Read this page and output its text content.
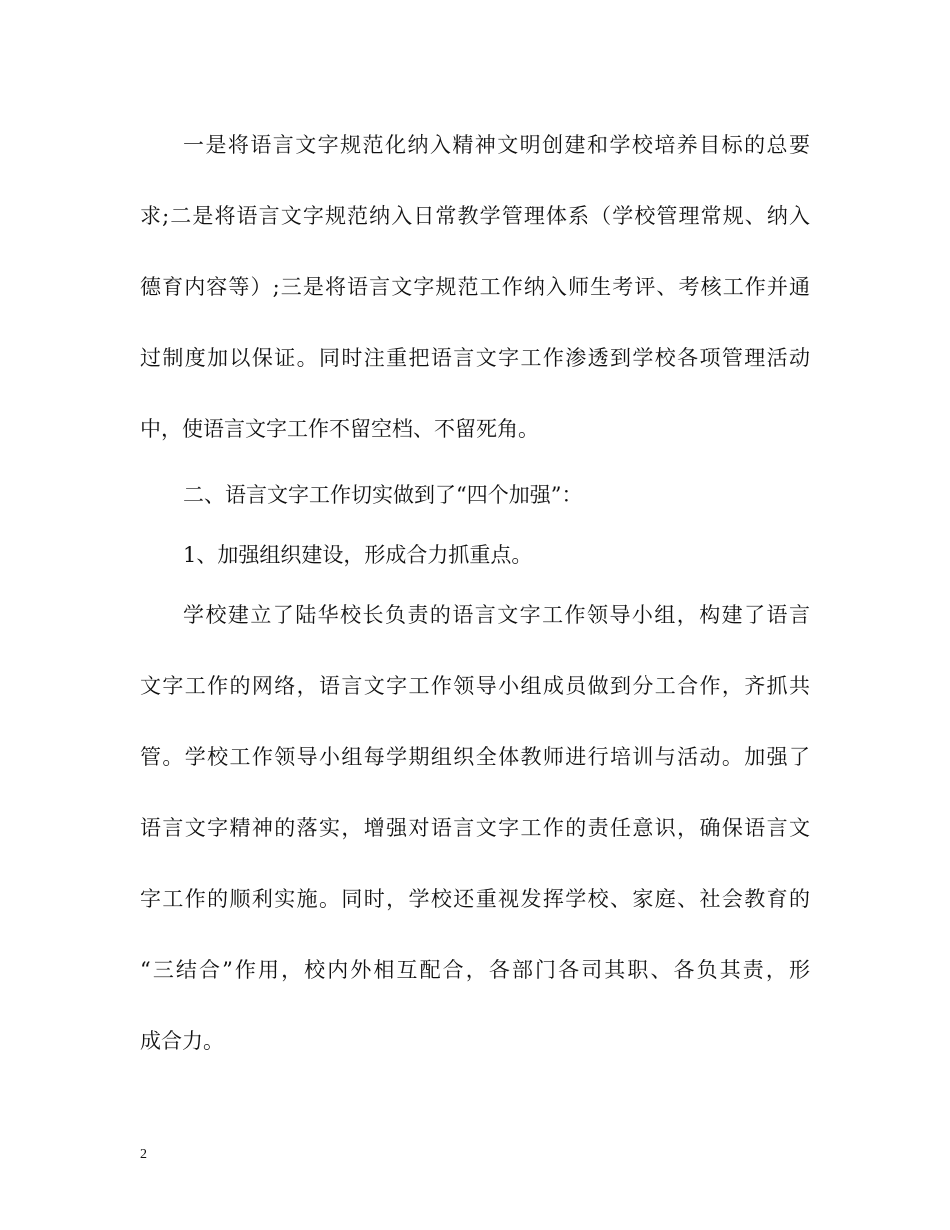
一是将语言文字规范化纳入精神文明创建和学校培养目标的总要
求;二是将语言文字规范纳入日常教学管理体系（学校管理常规、纳入
德育内容等）;三是将语言文字规范工作纳入师生考评、考核工作并通
过制度加以保证。同时注重把语言文字工作渗透到学校各项管理活动
中，使语言文字工作不留空档、不留死角。
二、语言文字工作切实做到了“四个加强”：
1、加强组织建设，形成合力抓重点。
学校建立了陆华校长负责的语言文字工作领导小组，构建了语言
文字工作的网络，语言文字工作领导小组成员做到分工合作，齐抓共
管。学校工作领导小组每学期组织全体教师进行培训与活动。加强了
语言文字精神的落实，增强对语言文字工作的责任意识，确保语言文
字工作的顺利实施。同时，学校还重视发挥学校、家庭、社会教育的
“三结合”作用，校内外相互配合，各部门各司其职、各负其责，形
成合力。
2
